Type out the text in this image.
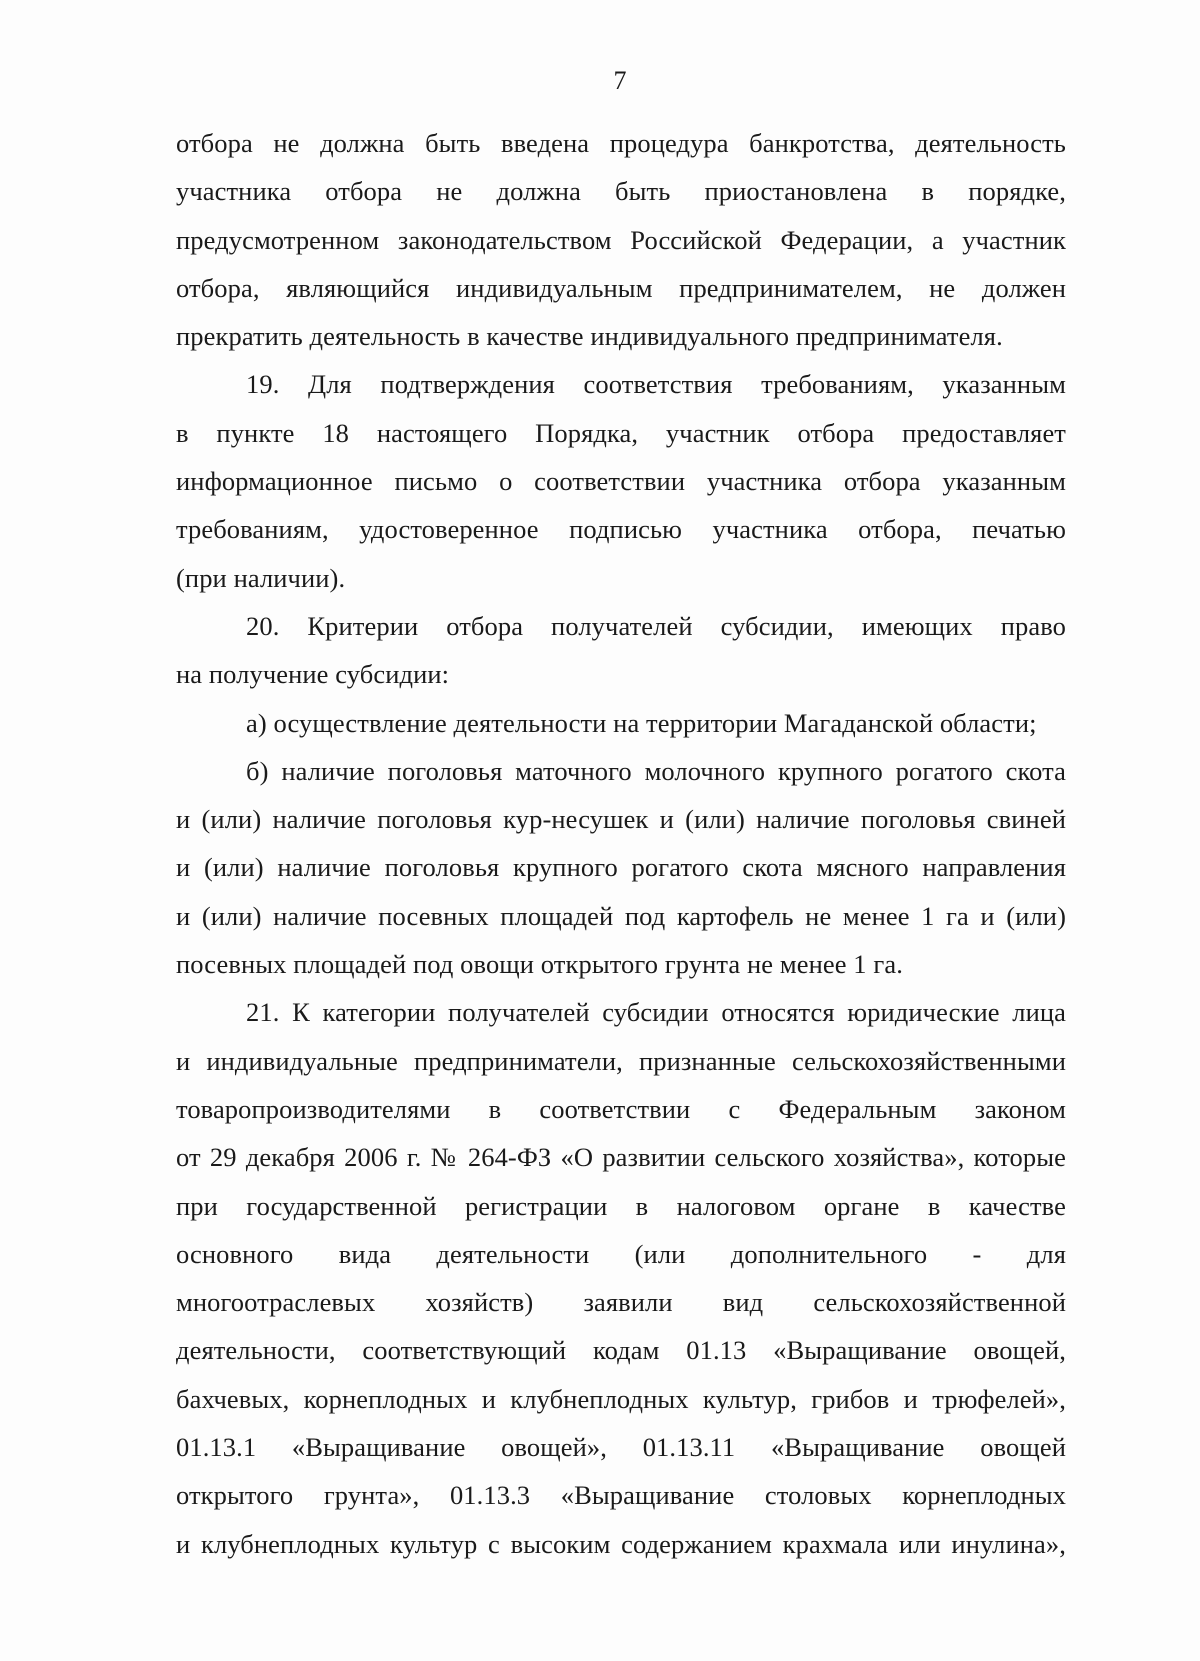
7
отбора не должна быть введена процедура банкротства, деятельность
участника отбора не должна быть приостановлена в порядке,
предусмотренном законодательством Российской Федерации, а участник
отбора, являющийся индивидуальным предпринимателем, не должен
прекратить деятельность в качестве индивидуального предпринимателя.
19. Для подтверждения соответствия требованиям, указанным
в пункте 18 настоящего Порядка, участник отбора предоставляет
информационное письмо о соответствии участника отбора указанным
требованиям, удостоверенное подписью участника отбора, печатью
(при наличии).
20. Критерии отбора получателей субсидии, имеющих право
на получение субсидии:
а) осуществление деятельности на территории Магаданской области;
б) наличие поголовья маточного молочного крупного рогатого скота
и (или) наличие поголовья кур-несушек и (или) наличие поголовья свиней
и (или) наличие поголовья крупного рогатого скота мясного направления
и (или) наличие посевных площадей под картофель не менее 1 га и (или)
посевных площадей под овощи открытого грунта не менее 1 га.
21. К категории получателей субсидии относятся юридические лица
и индивидуальные предприниматели, признанные сельскохозяйственными
товаропроизводителями в соответствии с Федеральным законом
от 29 декабря 2006 г. № 264-ФЗ «О развитии сельского хозяйства», которые
при государственной регистрации в налоговом органе в качестве
основного вида деятельности (или дополнительного - для
многоотраслевых хозяйств) заявили вид сельскохозяйственной
деятельности, соответствующий кодам 01.13 «Выращивание овощей,
бахчевых, корнеплодных и клубнеплодных культур, грибов и трюфелей»,
01.13.1 «Выращивание овощей», 01.13.11 «Выращивание овощей
открытого грунта», 01.13.3 «Выращивание столовых корнеплодных
и клубнеплодных культур с высоким содержанием крахмала или инулина»,
